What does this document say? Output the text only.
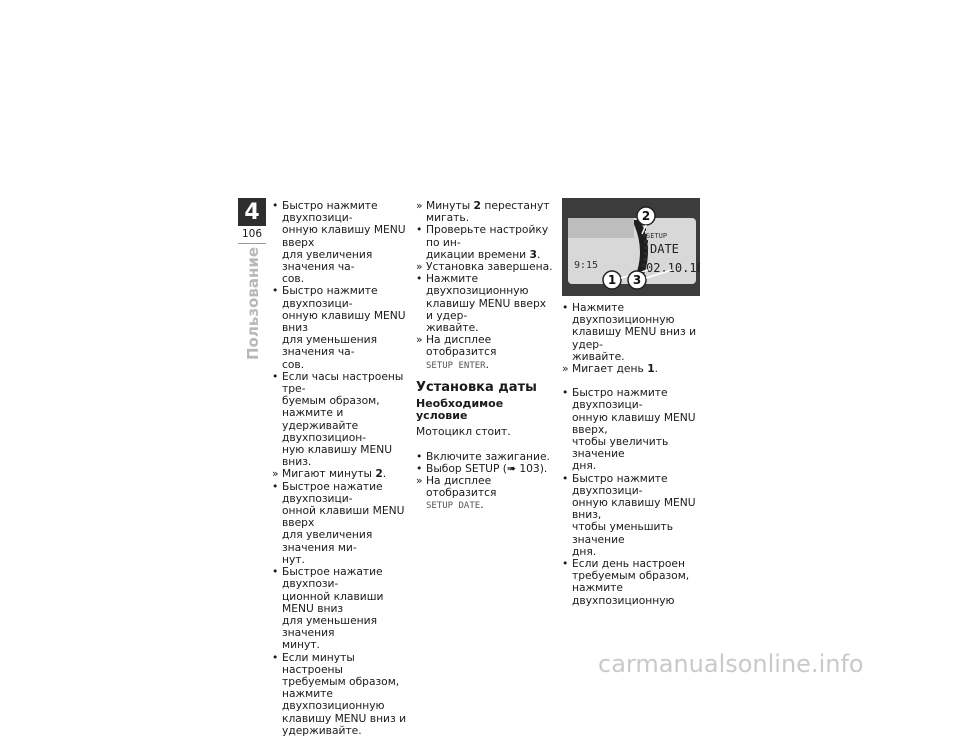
4
106
Пользование
• Быстро нажмите двухпозици-
онную клавишу MENU вверх
для увеличения значения ча-
сов.
• Быстро нажмите двухпозици-
онную клавишу MENU вниз
для уменьшения значения ча-
сов.
• Если часы настроены тре-
буемым образом, нажмите и
удерживайте двухпозицион-
ную клавишу MENU вниз.
» Мигают минуты 2.
• Быстрое нажатие двухпозици-
онной клавиши MENU вверх
для увеличения значения ми-
нут.
• Быстрое нажатие двухпози-
ционной клавиши MENU вниз
для уменьшения значения
минут.
• Если минуты настроены
требуемым образом,
нажмите двухпозиционную
клавишу MENU вниз и
удерживайте.
» Минуты 2 перестанут мигать.
• Проверьте настройку по ин-
дикации времени 3.
» Установка завершена.
• Нажмите двухпозиционную
клавишу MENU вверх и удер-
живайте.
» На дисплее отобразится
SETUP ENTER.
Установка даты
Необходимое условие

Мотоцикл стоит.

• Включите зажигание.
• Выбор SETUP (➠ 103).
» На дисплее отобразится
SETUP DATE.
SETUP
DATE
02.10.18
9:15
2
1 3
• Нажмите двухпозиционную
клавишу MENU вниз и удер-
живайте.
» Мигает день 1.
• Быстро нажмите двухпозици-
онную клавишу MENU вверх,
чтобы увеличить значение
дня.
• Быстро нажмите двухпозици-
онную клавишу MENU вниз,
чтобы уменьшить значение
дня.
• Если день настроен
требуемым образом,
нажмите двухпозиционную
carmanualsonline.info
